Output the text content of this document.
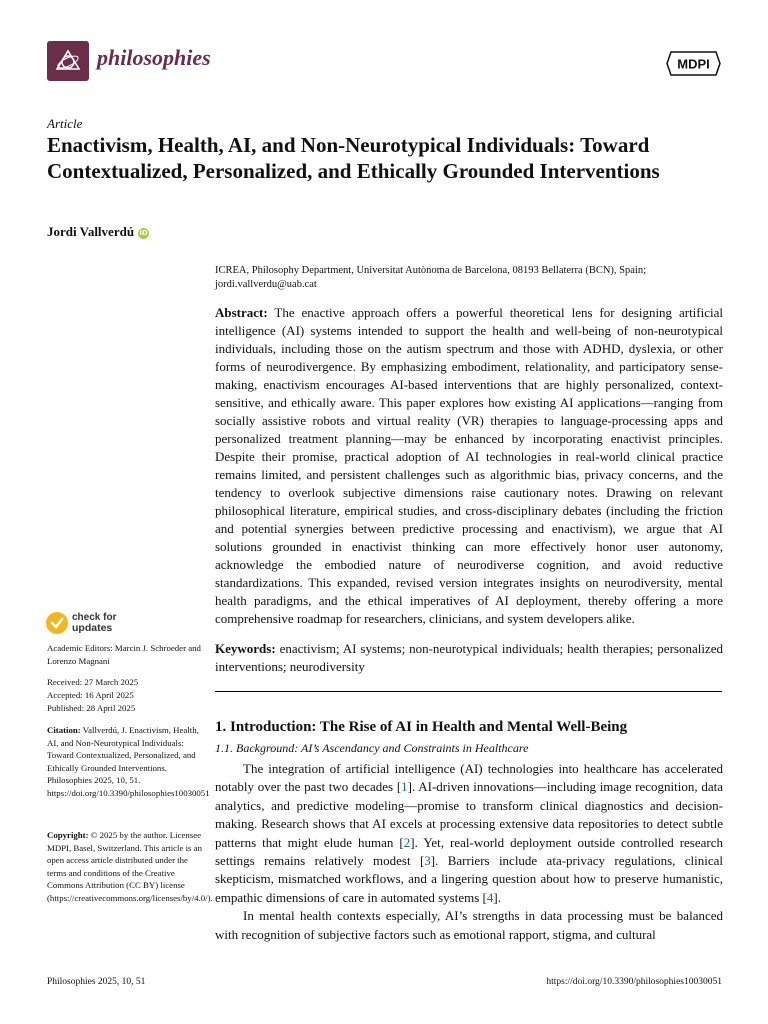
philosophies	MDPI
Article
Enactivism, Health, AI, and Non-Neurotypical Individuals: Toward Contextualized, Personalized, and Ethically Grounded Interventions
Jordi Vallverdú iD
ICREA, Philosophy Department, Universitat Autònoma de Barcelona, 08193 Bellaterra (BCN), Spain;
jordi.vallverdu@uab.cat
Abstract: The enactive approach offers a powerful theoretical lens for designing artificial intelligence (AI) systems intended to support the health and well-being of non-neurotypical individuals, including those on the autism spectrum and those with ADHD, dyslexia, or other forms of neurodivergence. By emphasizing embodiment, relationality, and participatory sense-making, enactivism encourages AI-based interventions that are highly personalized, context-sensitive, and ethically aware. This paper explores how existing AI applications—ranging from socially assistive robots and virtual reality (VR) therapies to language-processing apps and personalized treatment planning—may be enhanced by incorporating enactivist principles. Despite their promise, practical adoption of AI technologies in real-world clinical practice remains limited, and persistent challenges such as algorithmic bias, privacy concerns, and the tendency to overlook subjective dimensions raise cautionary notes. Drawing on relevant philosophical literature, empirical studies, and cross-disciplinary debates (including the friction and potential synergies between predictive processing and enactivism), we argue that AI solutions grounded in enactivist thinking can more effectively honor user autonomy, acknowledge the embodied nature of neurodiverse cognition, and avoid reductive standardizations. This expanded, revised version integrates insights on neurodiversity, mental health paradigms, and the ethical imperatives of AI deployment, thereby offering a more comprehensive roadmap for researchers, clinicians, and system developers alike.
Keywords: enactivism; AI systems; non-neurotypical individuals; health therapies; personalized interventions; neurodiversity
1. Introduction: The Rise of AI in Health and Mental Well-Being
1.1. Background: AI’s Ascendancy and Constraints in Healthcare

The integration of artificial intelligence (AI) technologies into healthcare has accelerated notably over the past two decades [1]. AI-driven innovations—including image recognition, data analytics, and predictive modeling—promise to transform clinical diagnostics and decision-making. Research shows that AI excels at processing extensive data repositories to detect subtle patterns that might elude human [2]. Yet, real-world deployment outside controlled research settings remains relatively modest [3]. Barriers include ata-privacy regulations, clinical skepticism, mismatched workflows, and a lingering question about how to preserve humanistic, empathic dimensions of care in automated systems [4].

In mental health contexts especially, AI’s strengths in data processing must be balanced with recognition of subjective factors such as emotional rapport, stigma, and cultural

check for
updates
Academic Editors: Marcin J. Schroeder and Lorenzo Magnani
Received: 27 March 2025
Accepted: 16 April 2025
Published: 28 April 2025
Citation: Vallverdú, J. Enactivism, Health, AI, and Non-Neurotypical Individuals: Toward Contextualized, Personalized, and Ethically Grounded Interventions. Philosophies 2025, 10, 51. https://doi.org/10.3390/philosophies10030051
Copyright: © 2025 by the author. Licensee MDPI, Basel, Switzerland. This article is an open access article distributed under the terms and conditions of the Creative Commons Attribution (CC BY) license (https://creativecommons.org/licenses/by/4.0/).
Philosophies 2025, 10, 51	https://doi.org/10.3390/philosophies10030051
